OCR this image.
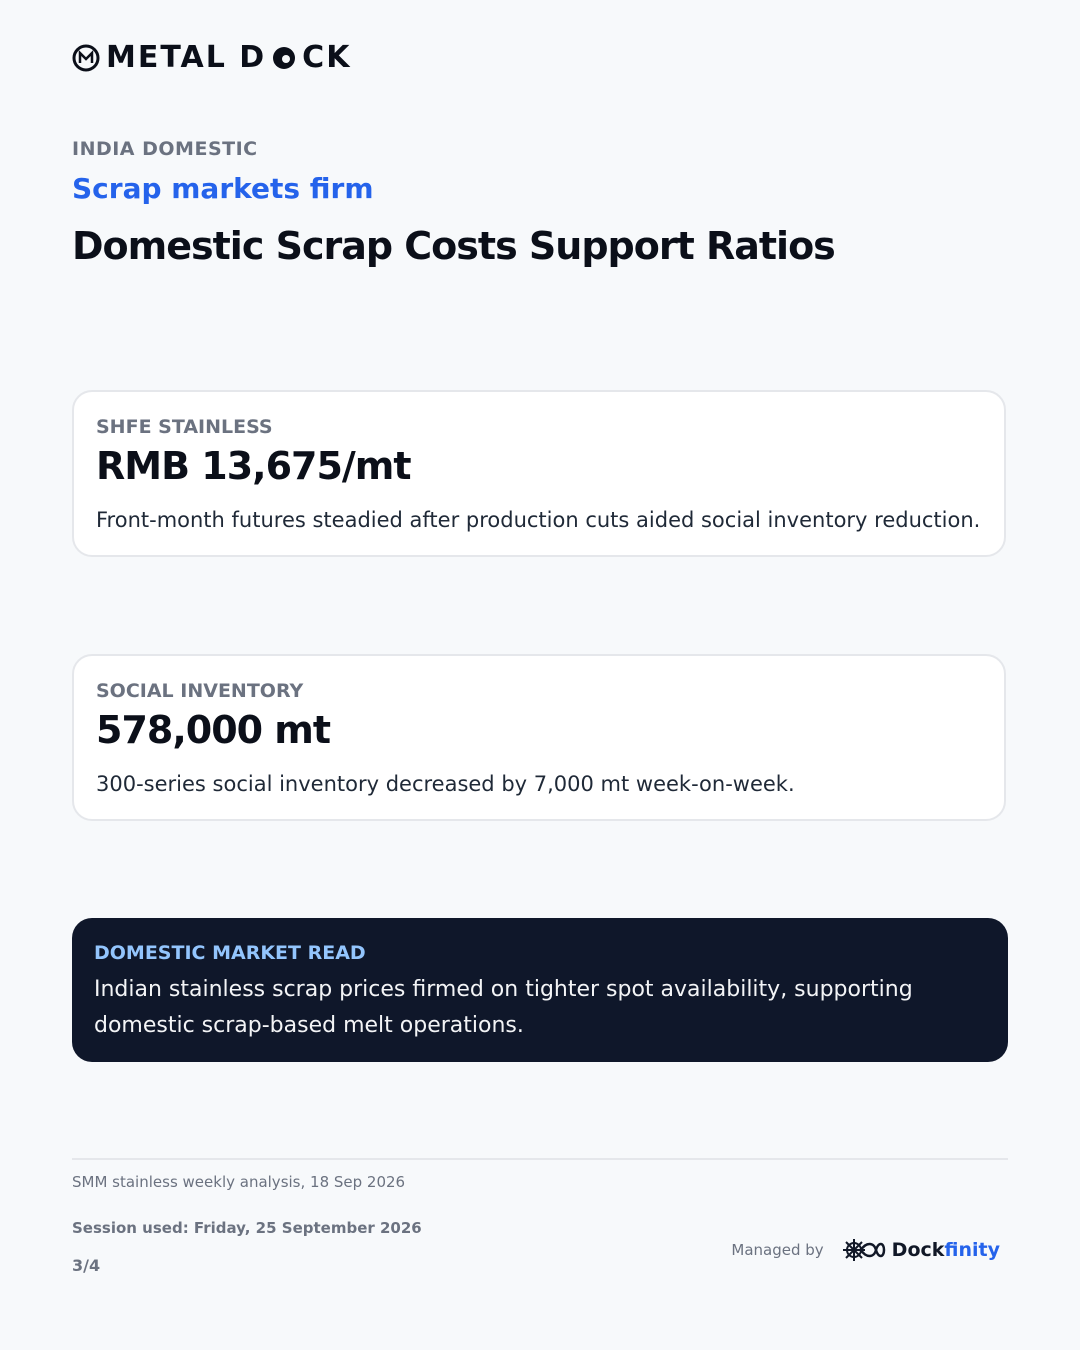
METAL D CK
INDIA DOMESTIC
Scrap markets firm
Domestic Scrap Costs Support Ratios
SHFE STAINLESS
RMB 13,675/mt
Front-month futures steadied after production cuts aided social inventory reduction.
SOCIAL INVENTORY
578,000 mt
300-series social inventory decreased by 7,000 mt week-on-week.
DOMESTIC MARKET READ
Indian stainless scrap prices firmed on tighter spot availability, supporting domestic scrap-based melt operations.
SMM stainless weekly analysis, 18 Sep 2026
Session used: Friday, 25 September 2026
3/4
Managed by	Dockfinity
